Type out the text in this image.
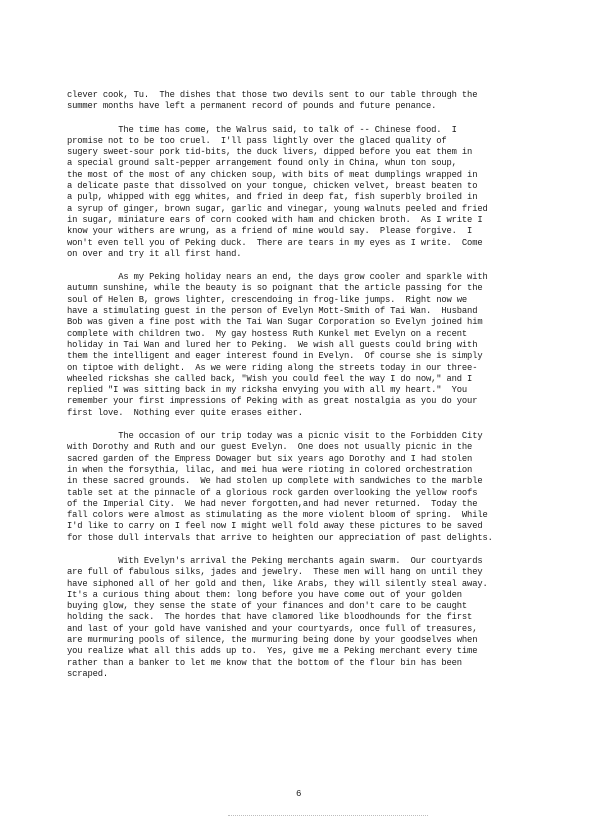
clever cook, Tu.  The dishes that those two devils sent to our table through the
summer months have left a permanent record of pounds and future penance.
The time has come, the Walrus said, to talk of -- Chinese food.  I
promise not to be too cruel.  I'll pass lightly over the glaced quality of
sugery sweet-sour pork tid-bits, the duck livers, dipped before you eat them in
a special ground salt-pepper arrangement found only in China, whun ton soup,
the most of the most of any chicken soup, with bits of meat dumplings wrapped in
a delicate paste that dissolved on your tongue, chicken velvet, breast beaten to
a pulp, whipped with egg whites, and fried in deep fat, fish superbly broiled in
a syrup of ginger, brown sugar, garlic and vinegar, young walnuts peeled and fried
in sugar, miniature ears of corn cooked with ham and chicken broth.  As I write I
know your withers are wrung, as a friend of mine would say.  Please forgive.  I
won't even tell you of Peking duck.  There are tears in my eyes as I write.  Come
on over and try it all first hand.
As my Peking holiday nears an end, the days grow cooler and sparkle with
autumn sunshine, while the beauty is so poignant that the article passing for the
soul of Helen B, grows lighter, crescendoing in frog-like jumps.  Right now we
have a stimulating guest in the person of Evelyn Mott-Smith of Tai Wan.  Husband
Bob was given a fine post with the Tai Wan Sugar Corporation so Evelyn joined him
complete with children two.  My gay hostess Ruth Kunkel met Evelyn on a recent
holiday in Tai Wan and lured her to Peking.  We wish all guests could bring with
them the intelligent and eager interest found in Evelyn.  Of course she is simply
on tiptoe with delight.  As we were riding along the streets today in our three-
wheeled rickshas she called back, "Wish you could feel the way I do now," and I
replied "I was sitting back in my ricksha envying you with all my heart."  You
remember your first impressions of Peking with as great nostalgia as you do your
first love.  Nothing ever quite erases either.
The occasion of our trip today was a picnic visit to the Forbidden City
with Dorothy and Ruth and our guest Evelyn.  One does not usually picnic in the
sacred garden of the Empress Dowager but six years ago Dorothy and I had stolen
in when the forsythia, lilac, and mei hua were rioting in colored orchestration
in these sacred grounds.  We had stolen up complete with sandwiches to the marble
table set at the pinnacle of a glorious rock garden overlooking the yellow roofs
of the Imperial City.  We had never forgotten,and had never returned.  Today the
fall colors were almost as stimulating as the more violent bloom of spring.  While
I'd like to carry on I feel now I might well fold away these pictures to be saved
for those dull intervals that arrive to heighten our appreciation of past delights.
With Evelyn's arrival the Peking merchants again swarm.  Our courtyards
are full of fabulous silks, jades and jewelry.  These men will hang on until they
have siphoned all of her gold and then, like Arabs, they will silently steal away.
It's a curious thing about them: long before you have come out of your golden
buying glow, they sense the state of your finances and don't care to be caught
holding the sack.  The hordes that have clamored like bloodhounds for the first
and last of your gold have vanished and your courtyards, once full of treasures,
are murmuring pools of silence, the murmuring being done by your goodselves when
you realize what all this adds up to.  Yes, give me a Peking merchant every time
rather than a banker to let me know that the bottom of the flour bin has been
scraped.
6
